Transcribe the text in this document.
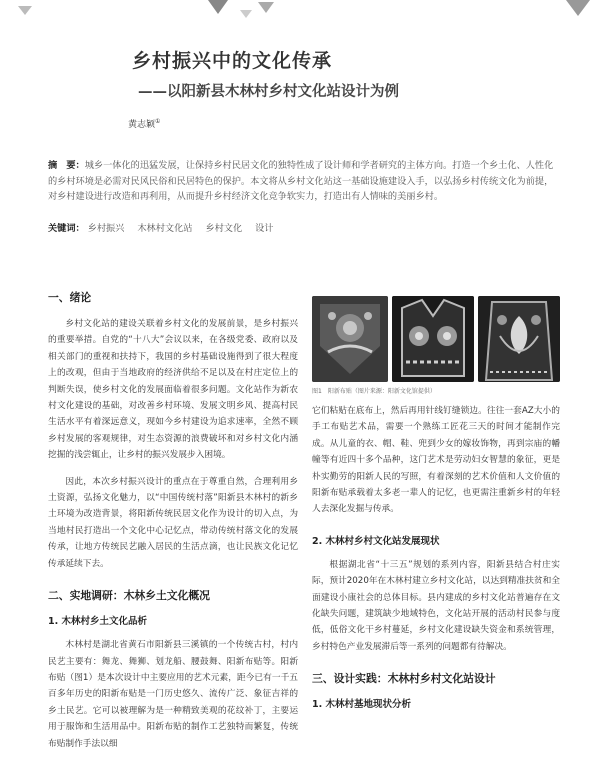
乡村振兴中的文化传承
——以阳新县木林村乡村文化站设计为例
黄志颖①
摘　要：城乡一体化的迅猛发展，让保持乡村民居文化的独特性成了设计师和学者研究的主体方向。打造一个乡土化、人性化的乡村环境是必需对民风民俗和民居特色的保护。本文将从乡村文化站这一基础设施建设入手，以弘扬乡村传统文化为前提，对乡村建设进行改造和再利用，从而提升乡村经济文化竞争软实力，打造出有人情味的美丽乡村。
关键词： 乡村振兴 木林村文化站 乡村文化 设计
一、绪论

乡村文化站的建设关联着乡村文化的发展前景，是乡村振兴的重要举措。自党的“十八大”会议以来，在各级党委、政府以及相关部门的重视和扶持下，我国的乡村基础设施得到了很大程度上的改观，但由于当地政府的经济供给不足以及在村庄定位上的判断失误，使乡村文化的发展面临着很多问题。文化站作为新农村文化建设的基础，对改善乡村环境、发展文明乡风、提高村民生活水平有着深远意义，现如今乡村建设为追求速率，全然不顾乡村发展的客观规律，对生态资源的浪费破坏和对乡村文化内涵挖掘的浅尝辄止，让乡村的振兴发展步入困境。

因此，本次乡村振兴设计的重点在于尊重自然，合理利用乡土资源，弘扬文化魅力，以“中国传统村落”阳新县木林村的新乡土环境为改造背景，将阳新传统民居文化作为设计的切入点，为当地村民打造出一个文化中心记忆点，带动传统村落文化的发展传承，让地方传统民艺融入居民的生活点滴，也让民族文化记忆传承延续下去。

二、实地调研：木林乡土文化概况
1. 木林村乡土文化品析

木林村是湖北省黄石市阳新县三溪镇的一个传统古村，村内民艺主要有：舞龙、舞狮、划龙船、腰鼓舞、阳新布贴等。阳新布贴（图1）是本次设计中主要应用的艺术元素，距今已有一千五百多年历史的阳新布贴是一门历史悠久、流传广泛、象征吉祥的乡土民艺。它可以被理解为是一种精致美观的花纹补丁，主要运用于服饰和生活用品中。阳新布贴的制作工艺独特而繁复，传统布贴制作手法以细

图1　阳新布贴（图片来源：阳新文化馆提供）

它们粘贴在底布上，然后再用针线钉缝锁边。往往一套AZ大小的手工布贴艺术品，需要一个熟练工匠花三天的时间才能制作完成。从儿童的衣、帽、鞋、兜到少女的嫁妆饰物，再到宗庙的幡幢等有近四十多个品种，这门艺术是劳动妇女智慧的象征，更是朴实勤劳的阳新人民的写照，有着深刻的艺术价值和人文价值的阳新布贴承载着太多老一辈人的记忆，也更需注重新乡村的年轻人去深化发掘与传承。

2. 木林村乡村文化站发展现状

根据湖北省“十三五”规划的系列内容，阳新县结合村庄实际，预计2020年在木林村建立乡村文化站，以达到精准扶贫和全面建设小康社会的总体目标。县内建成的乡村文化站普遍存在文化缺失问题，建筑缺少地域特色，文化站开展的活动村民参与度低，低俗文化干乡村蔓延，乡村文化建设缺失资金和系统管理，乡村特色产业发展滞后等一系列的问题都有待解决。

三、设计实践：木林村乡村文化站设计
1. 木林村基地现状分析
